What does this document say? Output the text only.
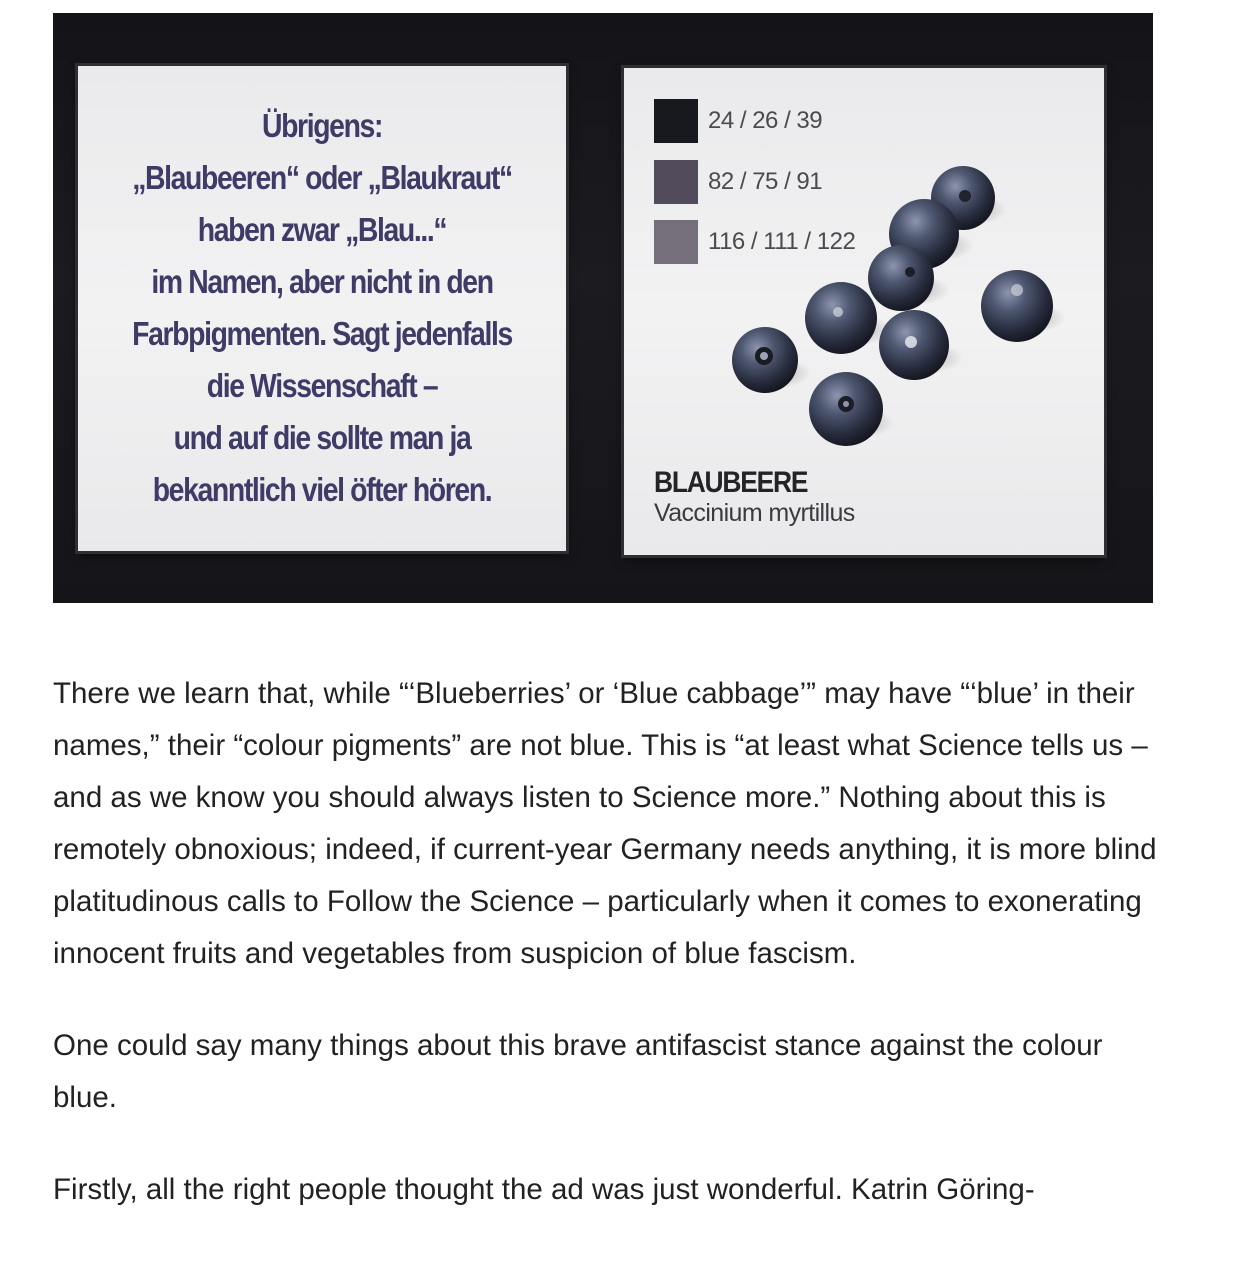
Übrigens:
„Blaubeeren“ oder „Blaukraut“
haben zwar „Blau...“
im Namen, aber nicht in den
Farbpigmenten. Sagt jedenfalls
die Wissenschaft –
und auf die sollte man ja
bekanntlich viel öfter hören.

24 / 26 / 39
82 / 75 / 91
116 / 111 / 122
BLAUBEERE
Vaccinium myrtillus

There we learn that, while “‘Blueberries’ or ‘Blue cabbage’” may have “‘blue’ in their names,” their “colour pigments” are not blue. This is “at least what Science tells us – and as we know you should always listen to Science more.” Nothing about this is remotely obnoxious; indeed, if current-year Germany needs anything, it is more blind platitudinous calls to Follow the Science – particularly when it comes to exonerating innocent fruits and vegetables from suspicion of blue fascism.

One could say many things about this brave antifascist stance against the colour blue.

Firstly, all the right people thought the ad was just wonderful. Katrin Göring-
